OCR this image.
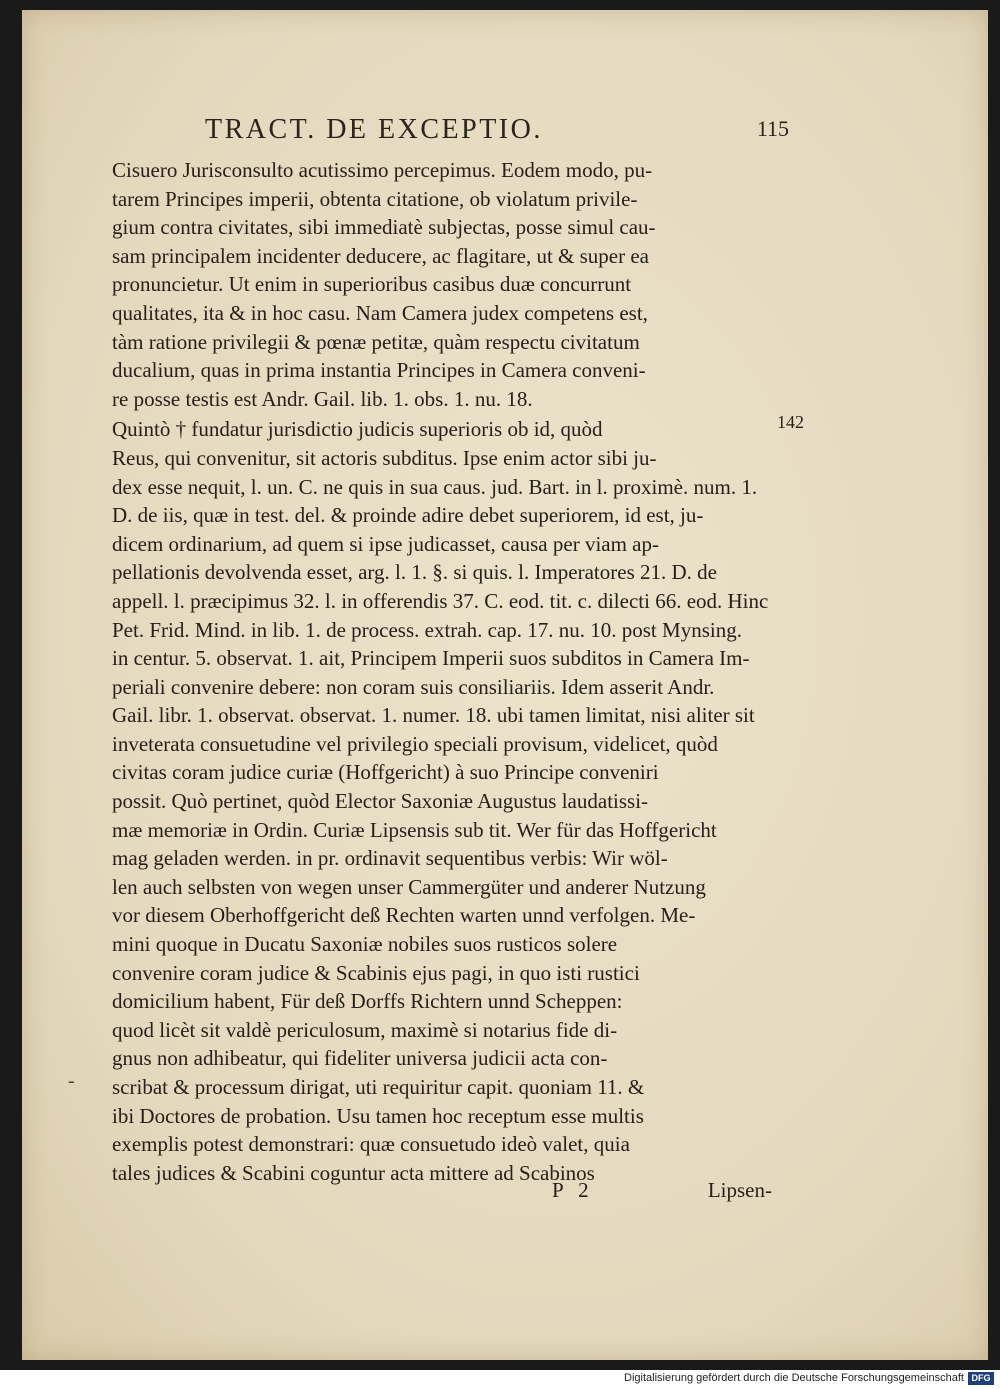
TRACT. DE EXCEPTIO.	115
Cisuero Jurisconsulto acutissimo percepimus. Eodem modo, pu-
tarem Principes imperii, obtenta citatione, ob violatum privile-
gium contra civitates, sibi immediatè subjectas, posse simul cau-
sam principalem incidenter deducere, ac flagitare, ut & super ea
pronuncietur. Ut enim in superioribus casibus duæ concurrunt
qualitates, ita & in hoc casu. Nam Camera judex competens est,
tàm ratione privilegii & pœnæ petitæ, quàm respectu civitatum
ducalium, quas in prima instantia Principes in Camera conveni-
re posse testis est Andr. Gail. lib. 1. obs. 1. nu. 18.
Quintò † fundatur jurisdictio judicis superioris ob id, quòd
Reus, qui convenitur, sit actoris subditus. Ipse enim actor sibi ju-
dex esse nequit, l. un. C. ne quis in sua caus. jud. Bart. in l. proximè. num. 1.
D. de iis, quæ in test. del. & proinde adire debet superiorem, id est, ju-
dicem ordinarium, ad quem si ipse judicasset, causa per viam ap-
pellationis devolvenda esset, arg. l. 1. §. si quis. l. Imperatores 21. D. de
appell. l. præcipimus 32. l. in offerendis 37. C. eod. tit. c. dilecti 66. eod. Hinc
Pet. Frid. Mind. in lib. 1. de process. extrah. cap. 17. nu. 10. post Mynsing.
in centur. 5. observat. 1. ait, Principem Imperii suos subditos in Camera Im-
periali convenire debere: non coram suis consiliariis. Idem asserit Andr.
Gail. libr. 1. observat. observat. 1. numer. 18. ubi tamen limitat, nisi aliter sit
inveterata consuetudine vel privilegio speciali provisum, videlicet, quòd
civitas coram judice curiæ (Hoffgericht) à suo Principe conveniri
possit. Quò pertinet, quòd Elector Saxoniæ Augustus laudatissi-
mæ memoriæ in Ordin. Curiæ Lipsensis sub tit. Wer für das Hoffgericht
mag geladen werden. in pr. ordinavit sequentibus verbis: Wir wöl-
len auch selbsten von wegen unser Cammergüter und anderer Nutzung
vor diesem Oberhoffgericht deß Rechten warten unnd verfolgen. Me-
mini quoque in Ducatu Saxoniæ nobiles suos rusticos solere
convenire coram judice & Scabinis ejus pagi, in quo isti rustici
domicilium habent, Für deß Dorffs Richtern unnd Scheppen:
quod licèt sit valdè periculosum, maximè si notarius fide di-
gnus non adhibeatur, qui fideliter universa judicii acta con-
scribat & processum dirigat, uti requiritur capit. quoniam 11. &
ibi Doctores de probation. Usu tamen hoc receptum esse multis
exemplis potest demonstrari: quæ consuetudo ideò valet, quia
tales judices & Scabini coguntur acta mittere ad Scabinos
142
-
P 2	Lipsen-
Digitalisierung gefördert durch die Deutsche Forschungsgemeinschaft DFG
